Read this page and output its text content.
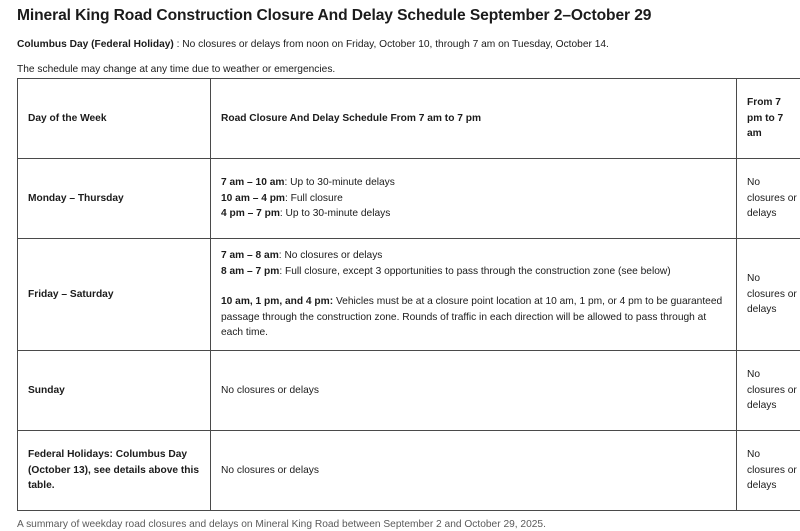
Mineral King Road Construction Closure And Delay Schedule September 2–October 29

Columbus Day (Federal Holiday) : No closures or delays from noon on Friday, October 10, through 7 am on Tuesday, October 14.

The schedule may change at any time due to weather or emergencies.

Day of the Week	Road Closure And Delay Schedule From 7 am to 7 pm	From 7 pm to 7 am
Monday – Thursday	7 am – 10 am: Up to 30-minute delays
10 am – 4 pm: Full closure
4 pm – 7 pm: Up to 30-minute delays	No closures or delays
Friday – Saturday	7 am – 8 am: No closures or delays
8 am – 7 pm: Full closure, except 3 opportunities to pass through the construction zone (see below)
10 am, 1 pm, and 4 pm: Vehicles must be at a closure point location at 10 am, 1 pm, or 4 pm to be guaranteed passage through the construction zone. Rounds of traffic in each direction will be allowed to pass through at each time.	No closures or delays
Sunday	No closures or delays	No closures or delays
Federal Holidays: Columbus Day (October 13), see details above this table.	No closures or delays	No closures or delays
A summary of weekday road closures and delays on Mineral King Road between September 2 and October 29, 2025.
